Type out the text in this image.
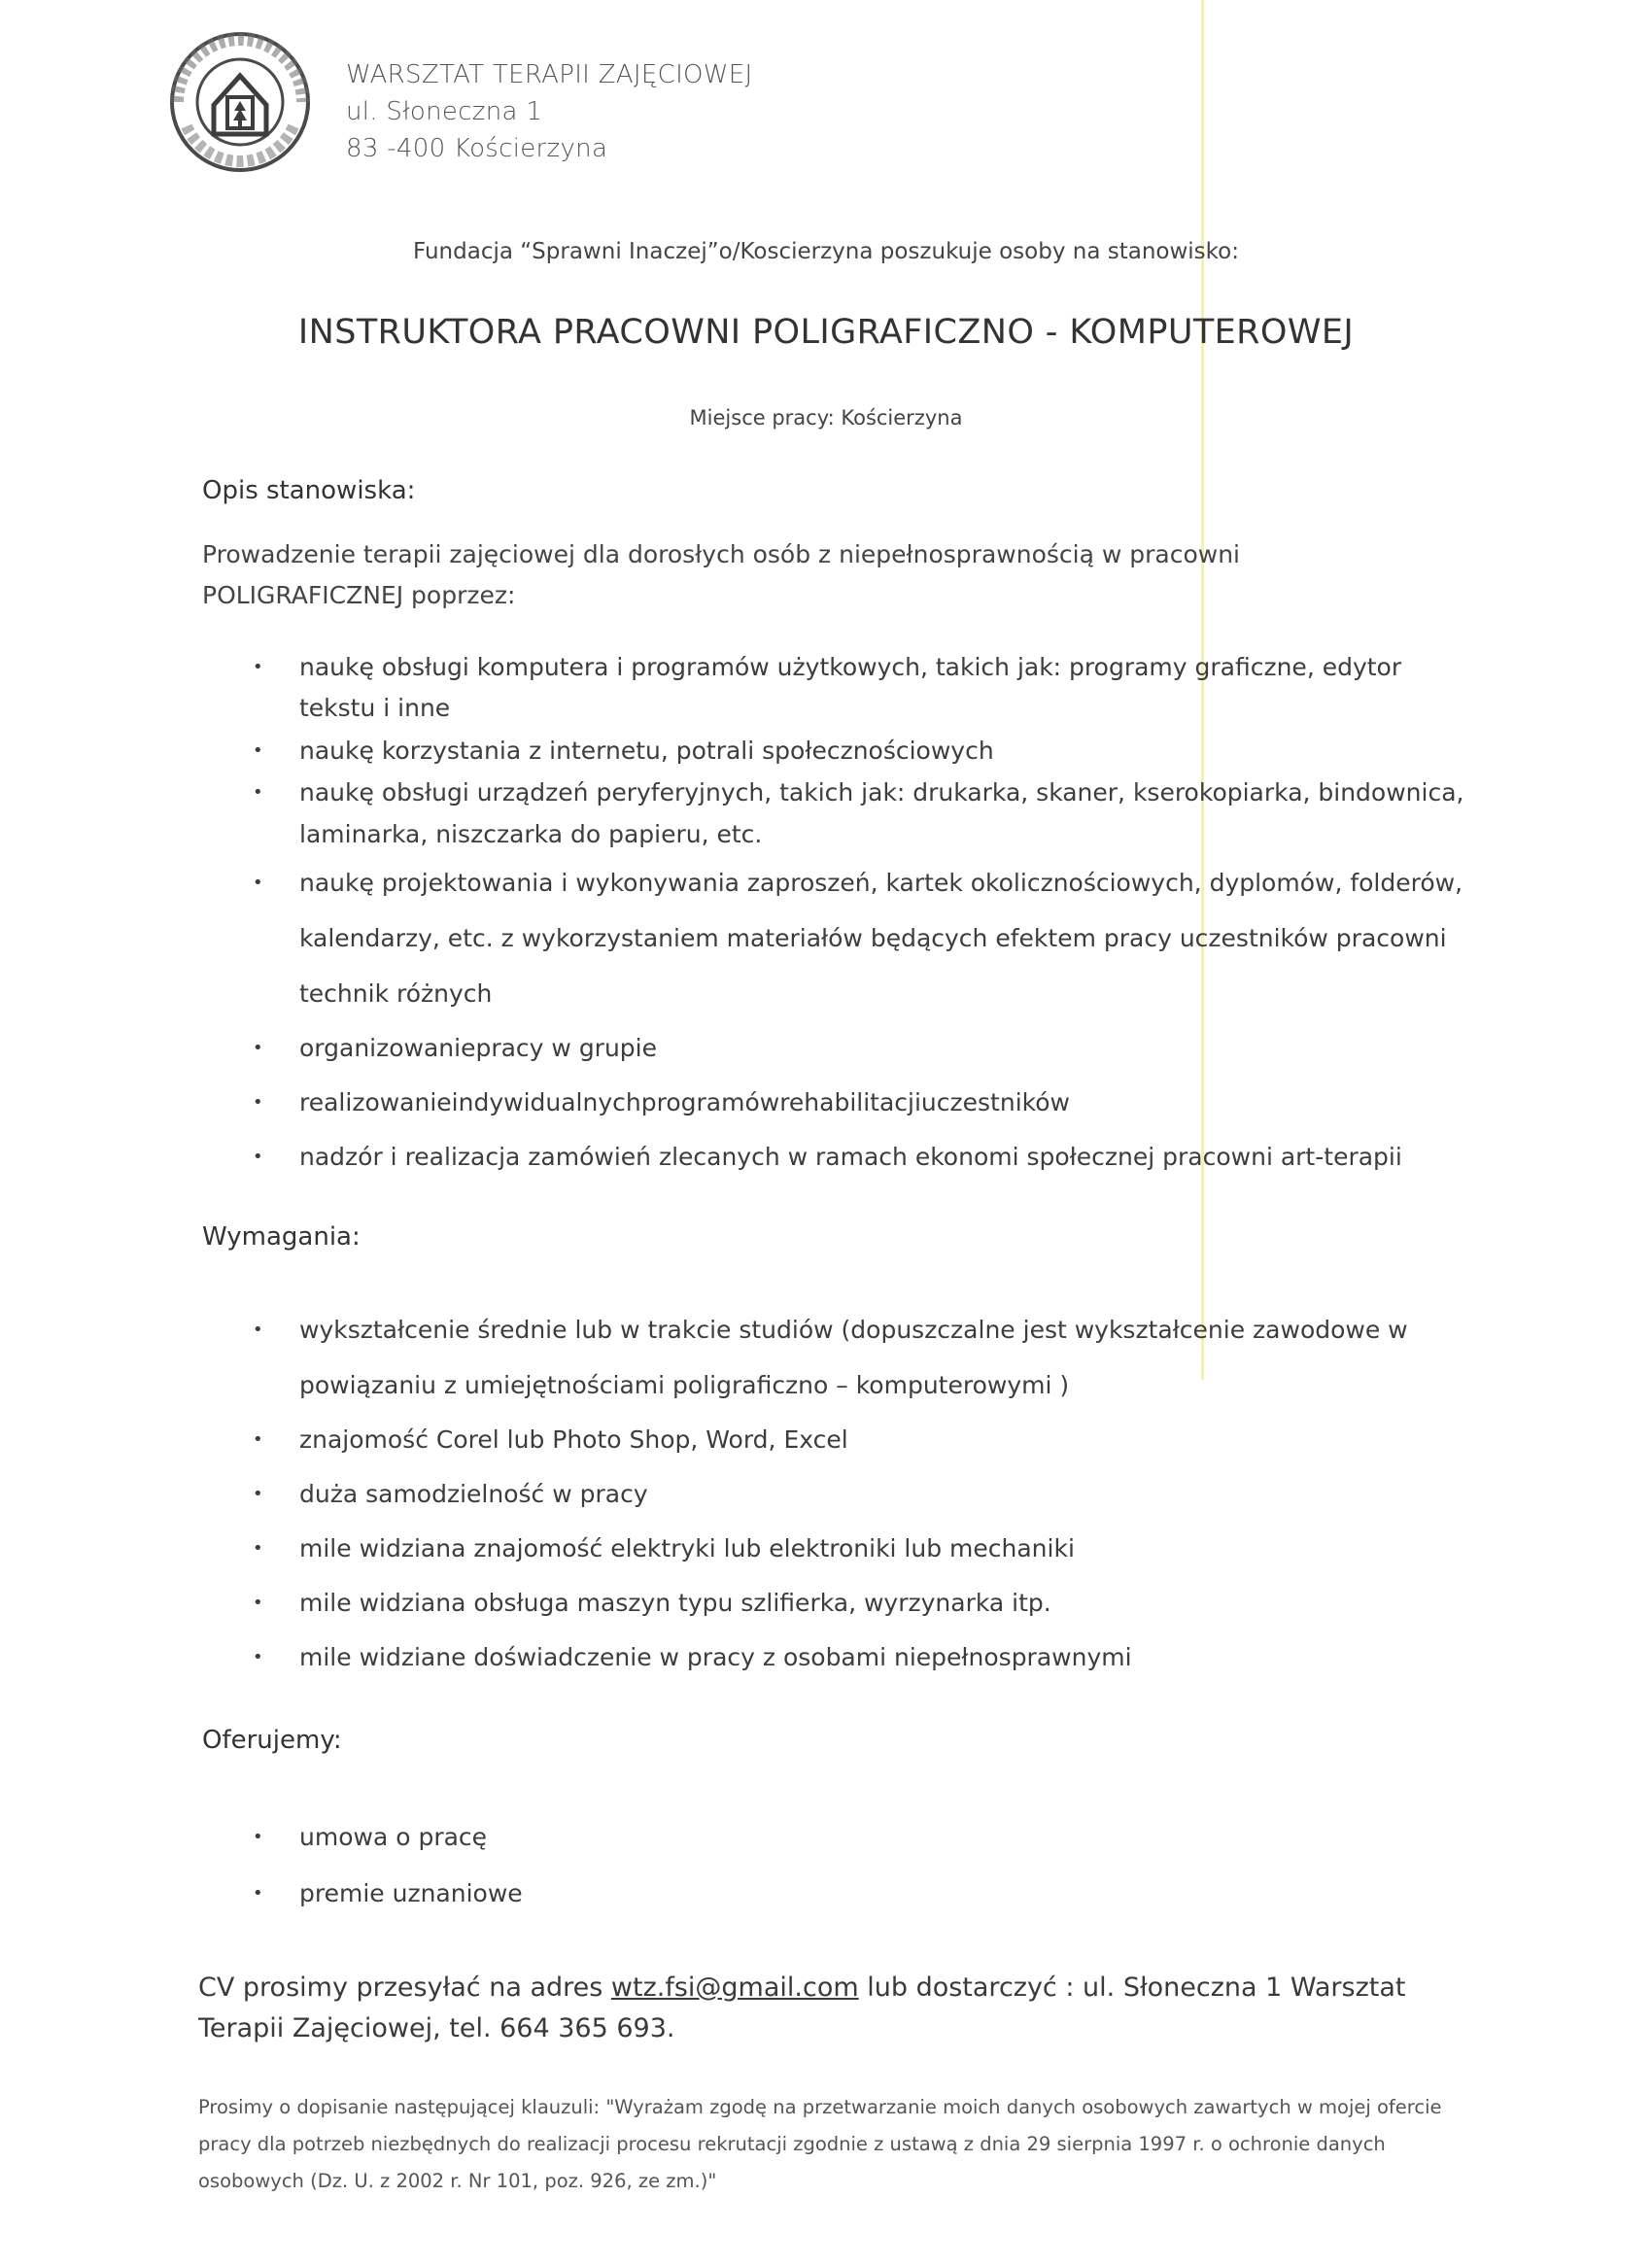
WARSZTAT TERAPII ZAJĘCIOWEJ
ul. Słoneczna 1
83 -400 Kościerzyna
Fundacja “Sprawni Inaczej”o/Koscierzyna poszukuje osoby na stanowisko:
INSTRUKTORA PRACOWNI POLIGRAFICZNO - KOMPUTEROWEJ
Miejsce pracy: Kościerzyna
Opis stanowiska:
Prowadzenie terapii zajęciowej dla dorosłych osób z niepełnosprawnością w pracowni POLIGRAFICZNEJ poprzez:
• naukę obsługi komputera i programów użytkowych, takich jak: programy graficzne, edytor tekstu i inne
• naukę korzystania z internetu, potrali społecznościowych
• naukę obsługi urządzeń peryferyjnych, takich jak: drukarka, skaner, kserokopiarka, bindownica, laminarka, niszczarka do papieru, etc.
• naukę projektowania i wykonywania zaproszeń, kartek okolicznościowych, dyplomów, folderów, kalendarzy, etc. z wykorzystaniem materiałów będących efektem pracy uczestników pracowni technik różnych
• organizowaniepracy w grupie
• realizowanieindywidualnychprogramówrehabilitacjiuczestników
• nadzór i realizacja zamówień zlecanych w ramach ekonomi społecznej pracowni art-terapii
Wymagania:
• wykształcenie średnie lub w trakcie studiów (dopuszczalne jest wykształcenie zawodowe w powiązaniu z umiejętnościami poligraficzno – komputerowymi )
• znajomość Corel lub Photo Shop, Word, Excel
• duża samodzielność w pracy
• mile widziana znajomość elektryki lub elektroniki lub mechaniki
• mile widziana obsługa maszyn typu szlifierka, wyrzynarka itp.
• mile widziane doświadczenie w pracy z osobami niepełnosprawnymi
Oferujemy:
• umowa o pracę
• premie uznaniowe
CV prosimy przesyłać na adres wtz.fsi@gmail.com lub dostarczyć : ul. Słoneczna 1 Warsztat Terapii Zajęciowej, tel. 664 365 693.
Prosimy o dopisanie następującej klauzuli: "Wyrażam zgodę na przetwarzanie moich danych osobowych zawartych w mojej ofercie pracy dla potrzeb niezbędnych do realizacji procesu rekrutacji zgodnie z ustawą z dnia 29 sierpnia 1997 r. o ochronie danych osobowych (Dz. U. z 2002 r. Nr 101, poz. 926, ze zm.)"
